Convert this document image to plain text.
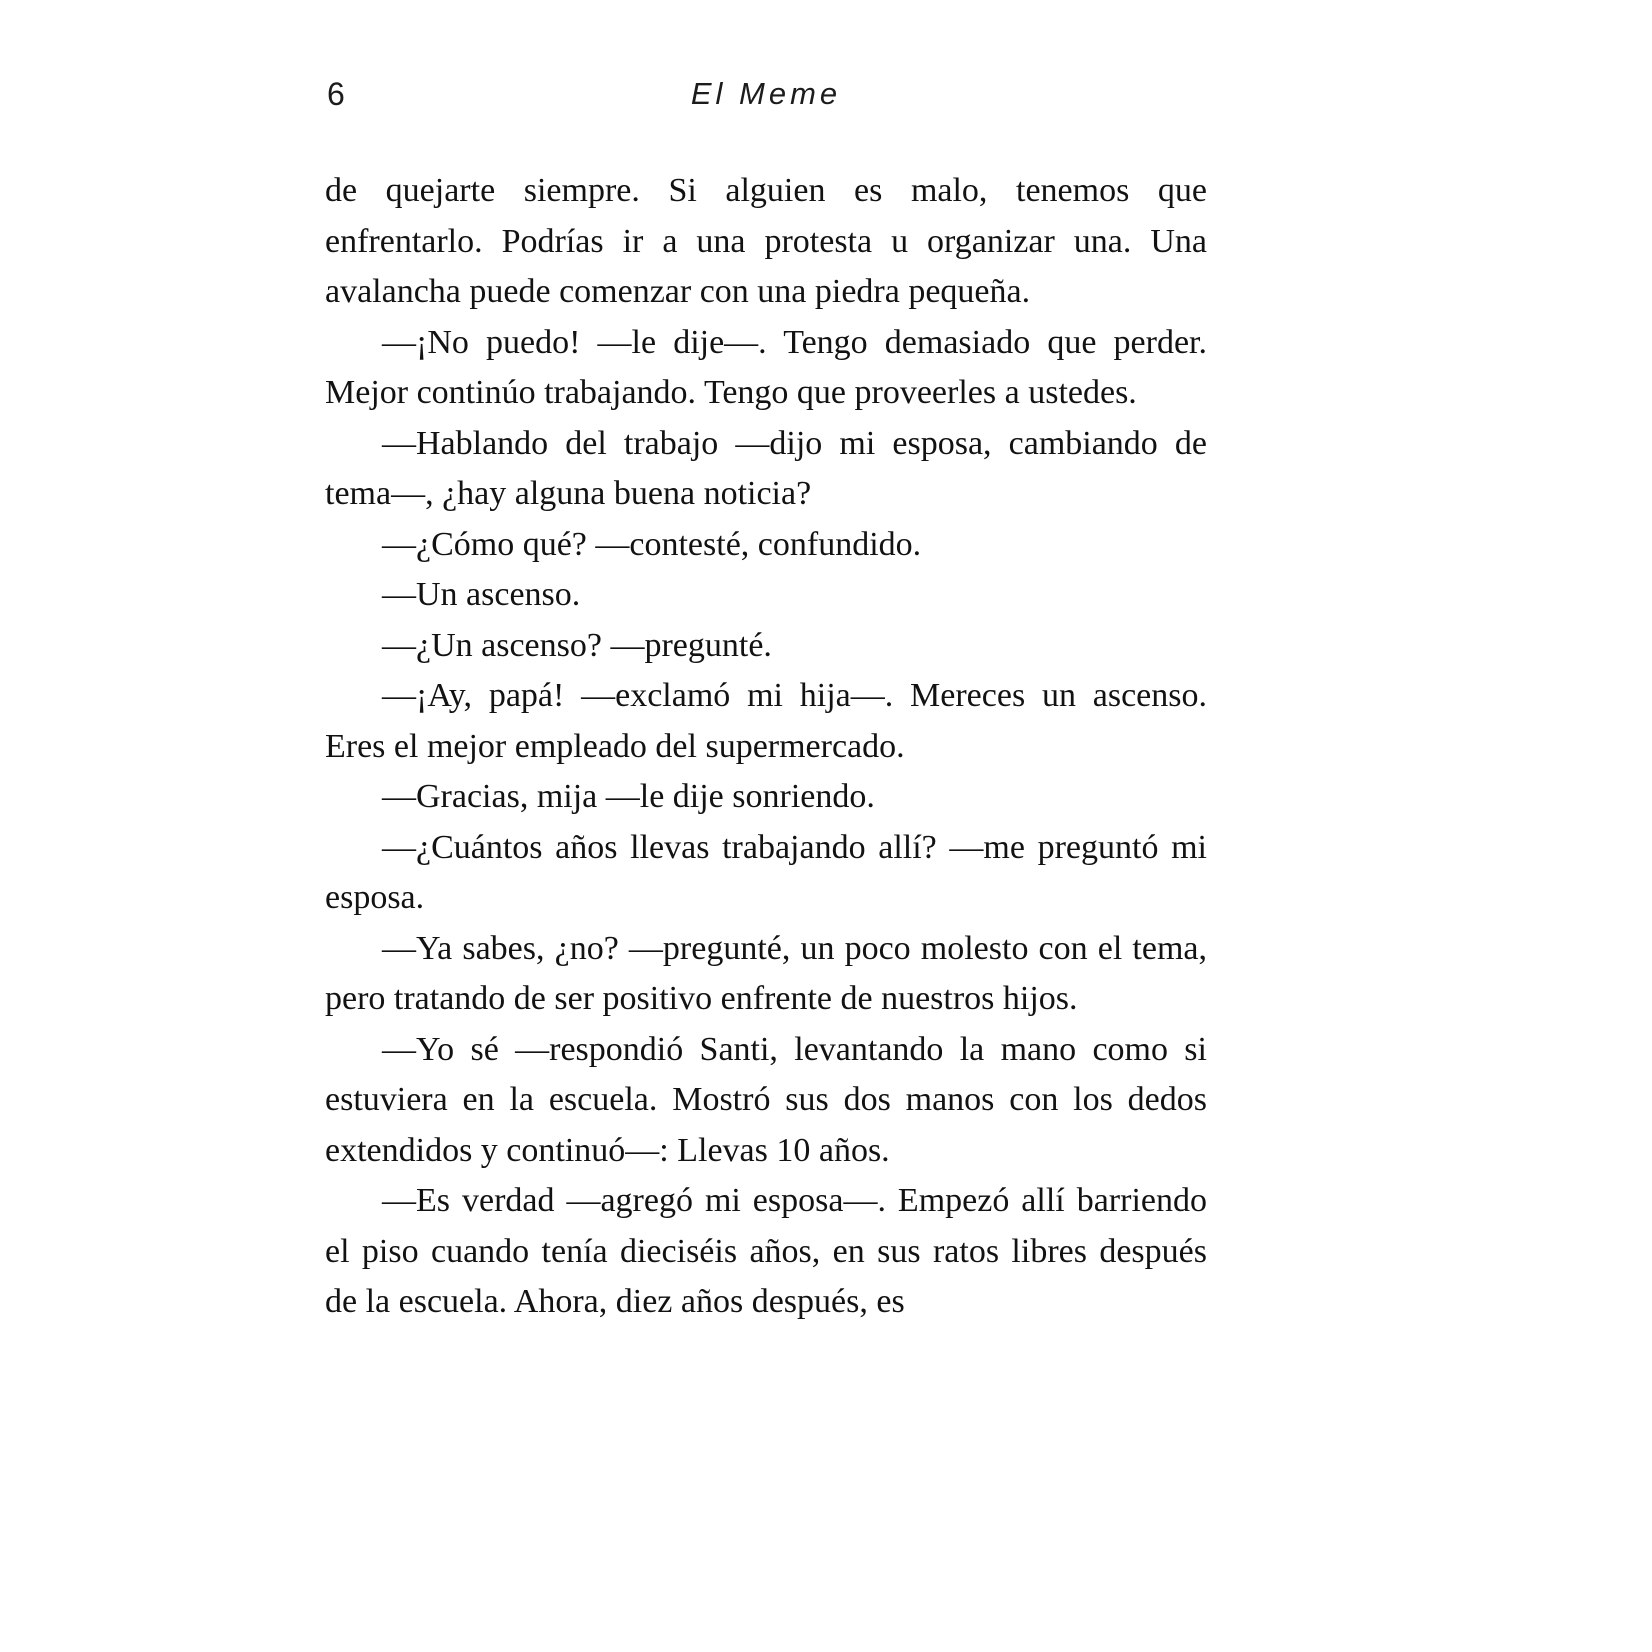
6	El Meme

de quejarte siempre. Si alguien es malo, tenemos que enfrentarlo. Podrías ir a una protesta u organizar una. Una avalancha puede comenzar con una piedra pequeña.

—¡No puedo! —le dije—. Tengo demasiado que perder. Mejor continúo trabajando. Tengo que proveerles a ustedes.

—Hablando del trabajo —dijo mi esposa, cambiando de tema—, ¿hay alguna buena noticia?

—¿Cómo qué? —contesté, confundido.

—Un ascenso.

—¿Un ascenso? —pregunté.

—¡Ay, papá! —exclamó mi hija—. Mereces un ascenso. Eres el mejor empleado del supermercado.

—Gracias, mija —le dije sonriendo.

—¿Cuántos años llevas trabajando allí? —me preguntó mi esposa.

—Ya sabes, ¿no? —pregunté, un poco molesto con el tema, pero tratando de ser positivo enfrente de nuestros hijos.

—Yo sé —respondió Santi, levantando la mano como si estuviera en la escuela. Mostró sus dos manos con los dedos extendidos y continuó—: Llevas 10 años.

—Es verdad —agregó mi esposa—. Empezó allí barriendo el piso cuando tenía dieciséis años, en sus ratos libres después de la escuela. Ahora, diez años después, es
